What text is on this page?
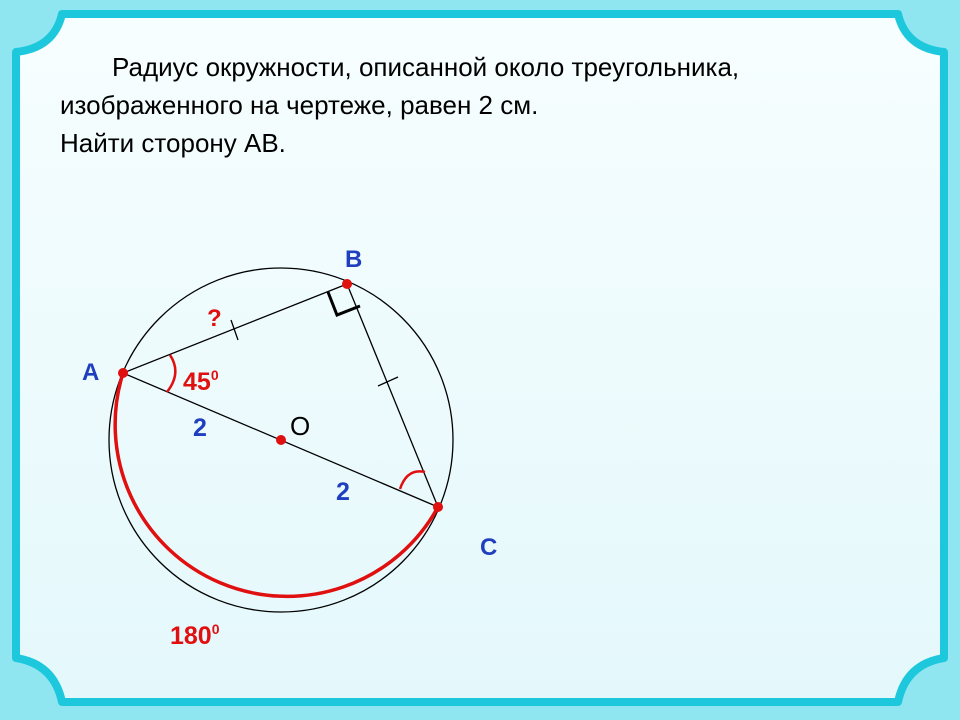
Радиус окружности, описанной около треугольника,
изображенного на чертеже, равен 2 см.
Найти сторону АВ.
А
В
С
О
?
$45^0$
2
2
$180^0$
